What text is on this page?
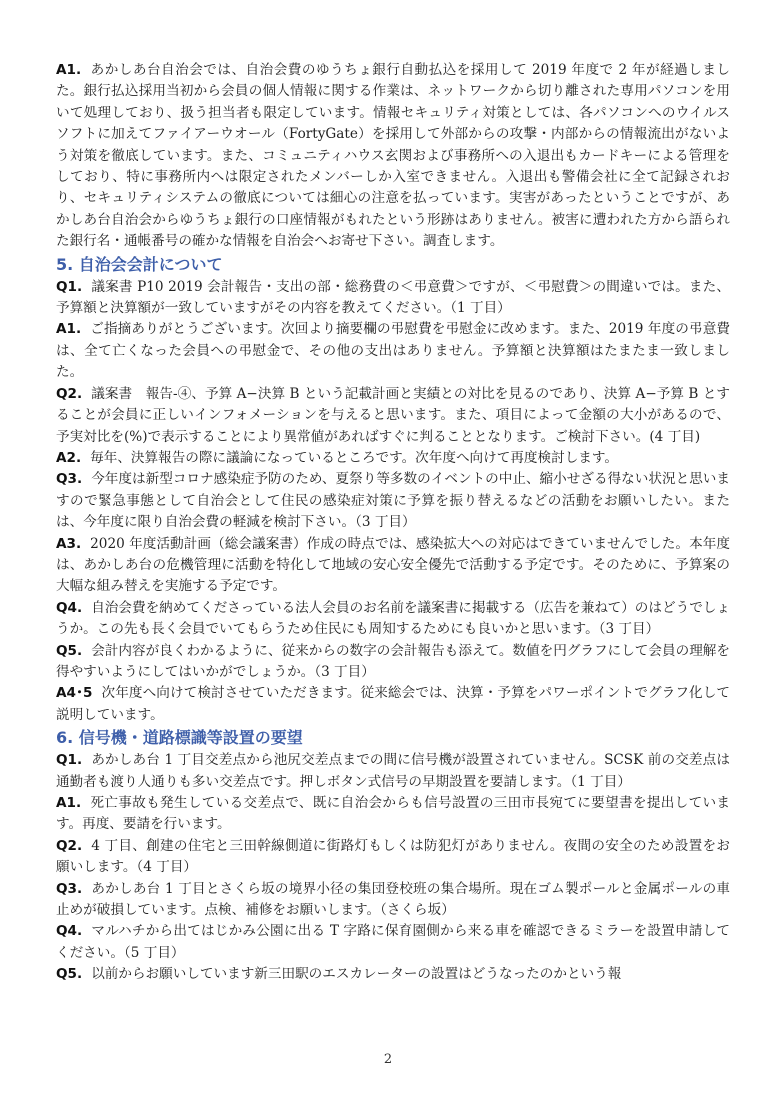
A1. あかしあ台自治会では、自治会費のゆうちょ銀行自動払込を採用して 2019 年度で 2 年が経過しました。銀行払込採用当初から会員の個人情報に関する作業は、ネットワークから切り離された専用パソコンを用いて処理しており、扱う担当者も限定しています。情報セキュリティ対策としては、各パソコンへのウイルスソフトに加えてファイアーウオール（FortyGate）を採用して外部からの攻撃・内部からの情報流出がないよう対策を徹底しています。また、コミュニティハウス玄関および事務所への入退出もカードキーによる管理をしており、特に事務所内へは限定されたメンバーしか入室できません。入退出も警備会社に全て記録されおり、セキュリティシステムの徹底については細心の注意を払っています。実害があったということですが、あかしあ台自治会からゆうちょ銀行の口座情報がもれたという形跡はありません。被害に遭われた方から語られた銀行名・通帳番号の確かな情報を自治会へお寄せ下さい。調査します。

5. 自治会会計について

Q1. 議案書 P10 2019 会計報告・支出の部・総務費の＜弔意費＞ですが、＜弔慰費＞の間違いでは。また、予算額と決算額が一致していますがその内容を教えてください。（1 丁目）

A1. ご指摘ありがとうございます。次回より摘要欄の弔慰費を弔慰金に改めます。また、2019 年度の弔意費は、全て亡くなった会員への弔慰金で、その他の支出はありません。予算額と決算額はたまたま一致しました。

Q2. 議案書　報告-④、予算 A−決算 B という記載計画と実績との対比を見るのであり、決算 A−予算 B とすることが会員に正しいインフォメーションを与えると思います。また、項目によって金額の大小があるので、予実対比を(%)で表示することにより異常値があればすぐに判ることとなります。ご検討下さい。(4 丁目)

A2. 毎年、決算報告の際に議論になっているところです。次年度へ向けて再度検討します。

Q3. 今年度は新型コロナ感染症予防のため、夏祭り等多数のイベントの中止、縮小せざる得ない状況と思いますので緊急事態として自治会として住民の感染症対策に予算を振り替えるなどの活動をお願いしたい。または、今年度に限り自治会費の軽減を検討下さい。（3 丁目）

A3. 2020 年度活動計画（総会議案書）作成の時点では、感染拡大への対応はできていませんでした。本年度は、あかしあ台の危機管理に活動を特化して地域の安心安全優先で活動する予定です。そのために、予算案の大幅な組み替えを実施する予定です。

Q4. 自治会費を納めてくださっている法人会員のお名前を議案書に掲載する（広告を兼ねて）のはどうでしょうか。この先も長く会員でいてもらうため住民にも周知するためにも良いかと思います。（3 丁目）

Q5. 会計内容が良くわかるように、従来からの数字の会計報告も添えて。数値を円グラフにして会員の理解を得やすいようにしてはいかがでしょうか。（3 丁目）

A4･5 次年度へ向けて検討させていただきます。従来総会では、決算・予算をパワーポイントでグラフ化して説明しています。

6. 信号機・道路標識等設置の要望

Q1. あかしあ台 1 丁目交差点から池尻交差点までの間に信号機が設置されていません。SCSK 前の交差点は通勤者も渡り人通りも多い交差点です。押しボタン式信号の早期設置を要請します。（1 丁目）

A1. 死亡事故も発生している交差点で、既に自治会からも信号設置の三田市長宛てに要望書を提出しています。再度、要請を行います。

Q2. 4 丁目、創建の住宅と三田幹線側道に街路灯もしくは防犯灯がありません。夜間の安全のため設置をお願いします。（4 丁目）

Q3. あかしあ台 1 丁目とさくら坂の境界小径の集団登校班の集合場所。現在ゴム製ポールと金属ポールの車止めが破損しています。点検、補修をお願いします。（さくら坂）

Q4. マルハチから出てはじかみ公園に出る T 字路に保育園側から来る車を確認できるミラーを設置申請してください。（5 丁目）

Q5. 以前からお願いしています新三田駅のエスカレーターの設置はどうなったのかという報

2
